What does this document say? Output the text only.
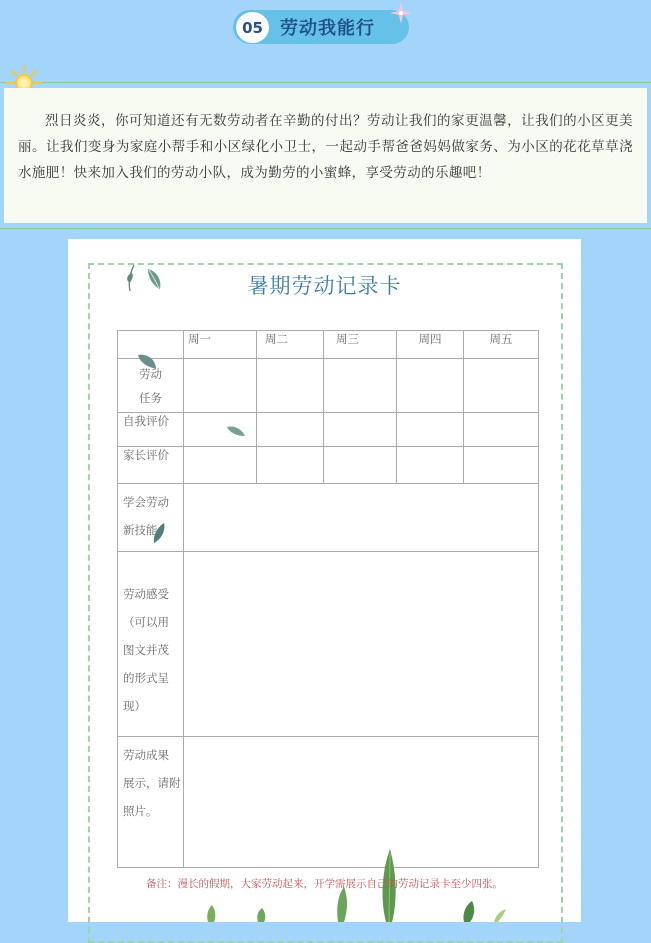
05 劳动我能行

烈日炎炎，你可知道还有无数劳动者在辛勤的付出？劳动让我们的家更温馨，让我们的小区更美丽。让我们变身为家庭小帮手和小区绿化小卫士，一起动手帮爸爸妈妈做家务、为小区的花花草草浇水施肥！快来加入我们的劳动小队，成为勤劳的小蜜蜂，享受劳动的乐趣吧！

暑期劳动记录卡
	周一	周二	周三	周四	周五

劳动
任务					

自我评价	

家长评价					

学会劳动
新技能					

劳动感受
（可以用
图文并茂
的形式呈
现）					

劳动成果
展示，请附
照片。					

备注：漫长的假期，大家劳动起来，开学需展示自己的劳动记录卡至少四张。
